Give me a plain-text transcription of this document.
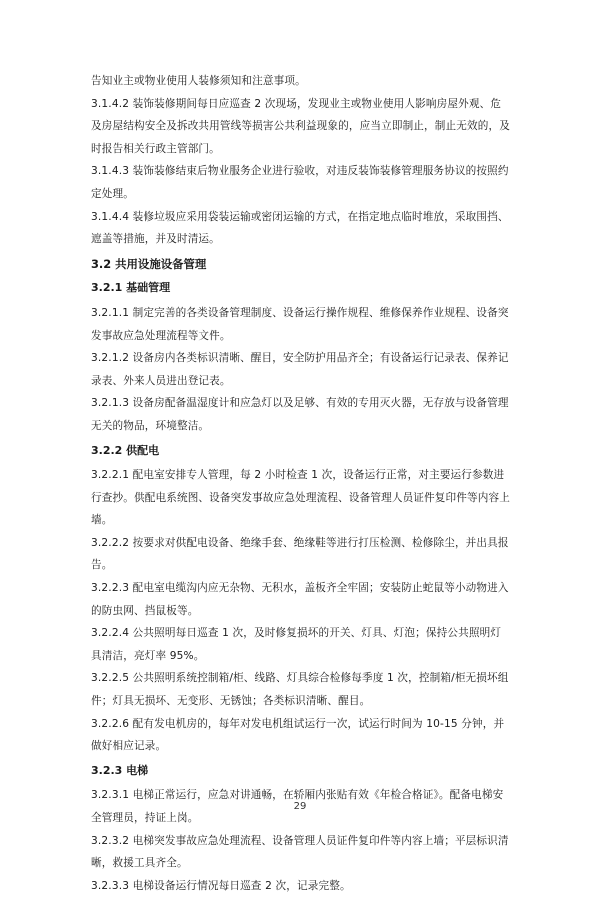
告知业主或物业使用人装修须知和注意事项。

3.1.4.2 装饰装修期间每日应巡查 2 次现场，发现业主或物业使用人影响房屋外观、危及房屋结构安全及拆改共用管线等损害公共利益现象的，应当立即制止，制止无效的，及时报告相关行政主管部门。

3.1.4.3 装饰装修结束后物业服务企业进行验收，对违反装饰装修管理服务协议的按照约定处理。

3.1.4.4 装修垃圾应采用袋装运输或密闭运输的方式，在指定地点临时堆放，采取围挡、遮盖等措施，并及时清运。

3.2 共用设施设备管理
3.2.1 基础管理

3.2.1.1 制定完善的各类设备管理制度、设备运行操作规程、维修保养作业规程、设备突发事故应急处理流程等文件。

3.2.1.2 设备房内各类标识清晰、醒目，安全防护用品齐全；有设备运行记录表、保养记录表、外来人员进出登记表。

3.2.1.3 设备房配备温湿度计和应急灯以及足够、有效的专用灭火器，无存放与设备管理无关的物品，环境整洁。

3.2.2 供配电

3.2.2.1 配电室安排专人管理，每 2 小时检查 1 次，设备运行正常，对主要运行参数进行查抄。供配电系统图、设备突发事故应急处理流程、设备管理人员证件复印件等内容上墙。

3.2.2.2 按要求对供配电设备、绝缘手套、绝缘鞋等进行打压检测、检修除尘，并出具报告。

3.2.2.3 配电室电缆沟内应无杂物、无积水，盖板齐全牢固；安装防止蛇鼠等小动物进入的防虫网、挡鼠板等。

3.2.2.4 公共照明每日巡查 1 次，及时修复损坏的开关、灯具、灯泡；保持公共照明灯具清洁，亮灯率 95%。

3.2.2.5 公共照明系统控制箱/柜、线路、灯具综合检修每季度 1 次，控制箱/柜无损坏组件；灯具无损坏、无变形、无锈蚀；各类标识清晰、醒目。

3.2.2.6 配有发电机房的，每年对发电机组试运行一次，试运行时间为 10-15 分钟，并做好相应记录。

3.2.3 电梯

3.2.3.1 电梯正常运行，应急对讲通畅，在轿厢内张贴有效《年检合格证》。配备电梯安全管理员，持证上岗。

3.2.3.2 电梯突发事故应急处理流程、设备管理人员证件复印件等内容上墙；平层标识清晰，救援工具齐全。

3.2.3.3 电梯设备运行情况每日巡查 2 次，记录完整。

29
